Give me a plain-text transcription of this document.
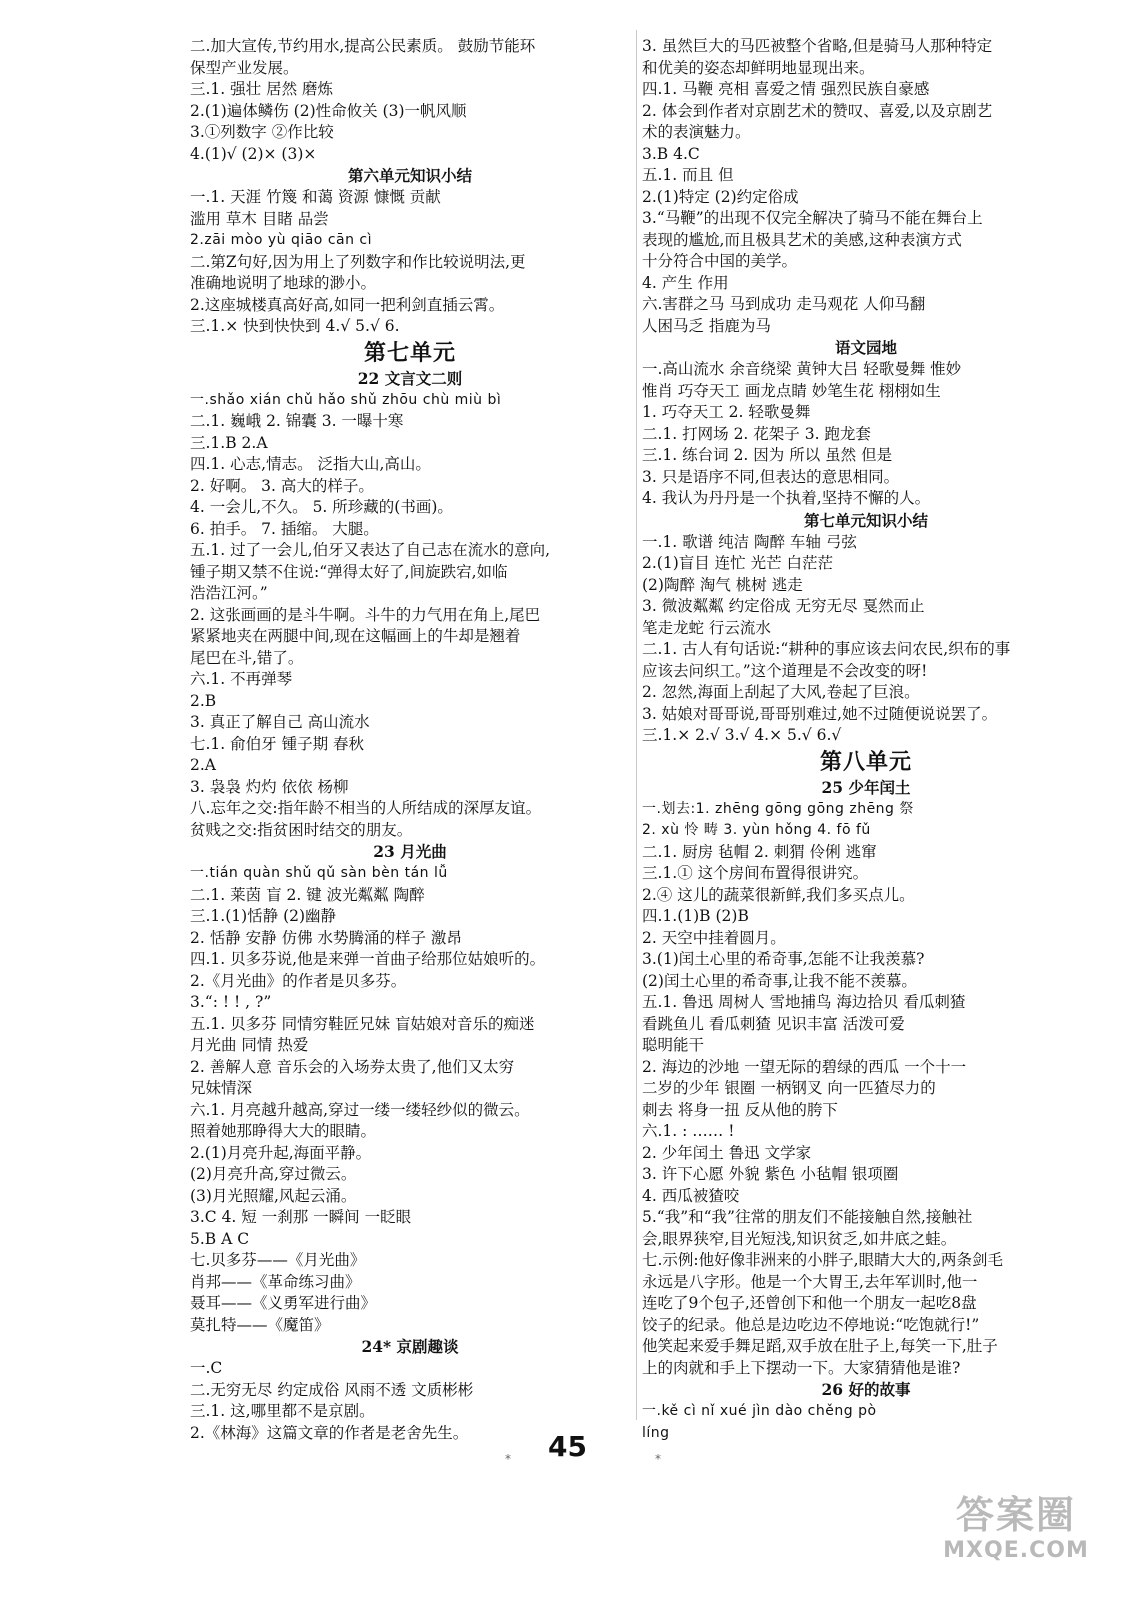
二.加大宣传,节约用水,提高公民素质。 鼓励节能环
保型产业发展。
三.1. 强壮 居然 磨炼
2.(1)遍体鳞伤 (2)性命攸关 (3)一帆风顺
3.①列数字 ②作比较
4.(1)√ (2)× (3)×
第六单元知识小结
一.1. 天涯 竹篾 和蔼 资源 慷慨 贡献
滥用 草木 目睹 品尝
2.zāi mòo yù qiāo cān cì
二.第Z句好,因为用上了列数字和作比较说明法,更
准确地说明了地球的渺小。
2.这座城楼真高好高,如同一把利剑直插云霄。
三.1.× 快到快快到 4.√ 5.√ 6.
第七单元
22 文言文二则
一.shǎo xián chǔ hǎo shǔ zhōu chù miù bì
二.1. 巍峨 2. 锦囊 3. 一曝十寒
三.1.B 2.A
四.1. 心志,情志。 泛指大山,高山。
2. 好啊。 3. 高大的样子。
4. 一会儿,不久。 5. 所珍藏的(书画)。
6. 拍手。 7. 插缩。 大腿。
五.1. 过了一会儿,伯牙又表达了自己志在流水的意向,
锺子期又禁不住说:“弹得太好了,间旋跌宕,如临
浩浩江河。”
2. 这张画画的是斗牛啊。斗牛的力气用在角上,尾巴
紧紧地夹在两腿中间,现在这幅画上的牛却是翘着
尾巴在斗,错了。
六.1. 不再弹琴
2.B
3. 真正了解自己 高山流水
七.1. 俞伯牙 锺子期 春秋
2.A
3. 袅袅 灼灼 依依 杨柳
八.忘年之交:指年龄不相当的人所结成的深厚友谊。
贫贱之交:指贫困时结交的朋友。
23 月光曲
一.tián quàn shǔ qǔ sàn bèn tán lǚ
二.1. 莱茵 盲 2. 键 波光粼粼 陶醉
三.1.(1)恬静 (2)幽静
2. 恬静 安静 仿佛 水势腾涌的样子 激昂
四.1. 贝多芬说,他是来弹一首曲子给那位姑娘听的。
2.《月光曲》的作者是贝多芬。
3.“: ! ! , ?”
五.1. 贝多芬 同情穷鞋匠兄妹 盲姑娘对音乐的痴迷
月光曲 同情 热爱
2. 善解人意 音乐会的入场券太贵了,他们又太穷
兄妹情深
六.1. 月亮越升越高,穿过一缕一缕轻纱似的微云。
照着她那睁得大大的眼睛。
2.(1)月亮升起,海面平静。
(2)月亮升高,穿过微云。
(3)月光照耀,风起云涌。
3.C 4. 短 一刹那 一瞬间 一眨眼
5.B A C
七.贝多芬——《月光曲》
肖邦——《革命练习曲》
聂耳——《义勇军进行曲》
莫扎特——《魔笛》
24* 京剧趣谈
一.C
二.无穷无尽 约定成俗 风雨不透 文质彬彬
三.1. 这,哪里都不是京剧。
2.《林海》这篇文章的作者是老舍先生。
3. 虽然巨大的马匹被整个省略,但是骑马人那种特定
和优美的姿态却鲜明地显现出来。
四.1. 马鞭 亮相 喜爱之情 强烈民族自豪感
2. 体会到作者对京剧艺术的赞叹、喜爱,以及京剧艺
术的表演魅力。
3.B 4.C
五.1. 而且 但
2.(1)特定 (2)约定俗成
3.“马鞭”的出现不仅完全解决了骑马不能在舞台上
表现的尴尬,而且极具艺术的美感,这种表演方式
十分符合中国的美学。
4. 产生 作用
六.害群之马 马到成功 走马观花 人仰马翻
人困马乏 指鹿为马
语文园地
一.高山流水 余音绕梁 黄钟大吕 轻歌曼舞 惟妙
惟肖 巧夺天工 画龙点睛 妙笔生花 栩栩如生
1. 巧夺天工 2. 轻歌曼舞
二.1. 打网场 2. 花架子 3. 跑龙套
三.1. 练台词 2. 因为 所以 虽然 但是
3. 只是语序不同,但表达的意思相同。
4. 我认为丹丹是一个执着,坚持不懈的人。
第七单元知识小结
一.1. 歌谱 纯洁 陶醉 车轴 弓弦
2.(1)盲目 连忙 光芒 白茫茫
(2)陶醉 淘气 桃树 逃走
3. 微波粼粼 约定俗成 无穷无尽 戛然而止
笔走龙蛇 行云流水
二.1. 古人有句话说:“耕种的事应该去问农民,织布的事
应该去问织工。”这个道理是不会改变的呀!
2. 忽然,海面上刮起了大风,卷起了巨浪。
3. 姑娘对哥哥说,哥哥别难过,她不过随便说说罢了。
三.1.× 2.√ 3.√ 4.× 5.√ 6.√
第八单元
25 少年闰土
一.划去:1. zhēng gōng gōng zhēng 祭
2. xù 怜 畴 3. yùn hǒng 4. fō fǔ
二.1. 厨房 毡帽 2. 刺猬 伶俐 逃窜
三.1.① 这个房间布置得很讲究。
2.④ 这儿的蔬菜很新鲜,我们多买点儿。
四.1.(1)B (2)B
2. 天空中挂着圆月。
3.(1)闰土心里的希奇事,怎能不让我羡慕?
(2)闰土心里的希奇事,让我不能不羡慕。
五.1. 鲁迅 周树人 雪地捕鸟 海边拾贝 看瓜刺猹
看跳鱼儿 看瓜刺猹 见识丰富 活泼可爱
聪明能干
2. 海边的沙地 一望无际的碧绿的西瓜 一个十一
二岁的少年 银圈 一柄钢叉 向一匹猹尽力的
刺去 将身一扭 反从他的胯下
六.1. : …… !
2. 少年闰土 鲁迅 文学家
3. 许下心愿 外貌 紫色 小毡帽 银项圈
4. 西瓜被猹咬
5.“我”和“我”往常的朋友们不能接触自然,接触社
会,眼界狭窄,目光短浅,知识贫乏,如井底之蛙。
七.示例:他好像非洲来的小胖子,眼睛大大的,两条剑毛
永远是八字形。他是一个大胃王,去年军训时,他一
连吃了9个包子,还曾创下和他一个朋友一起吃8盘
饺子的纪录。他总是边吃边不停地说:“吃饱就行!”
他笑起来爱手舞足蹈,双手放在肚子上,每笑一下,肚子
上的肉就和手上下摆动一下。大家猜猜他是谁?
26 好的故事
一.kě cì nǐ xué jìn dào chěng pò
líng
* 45	*
答案圈
MXQE.COM
